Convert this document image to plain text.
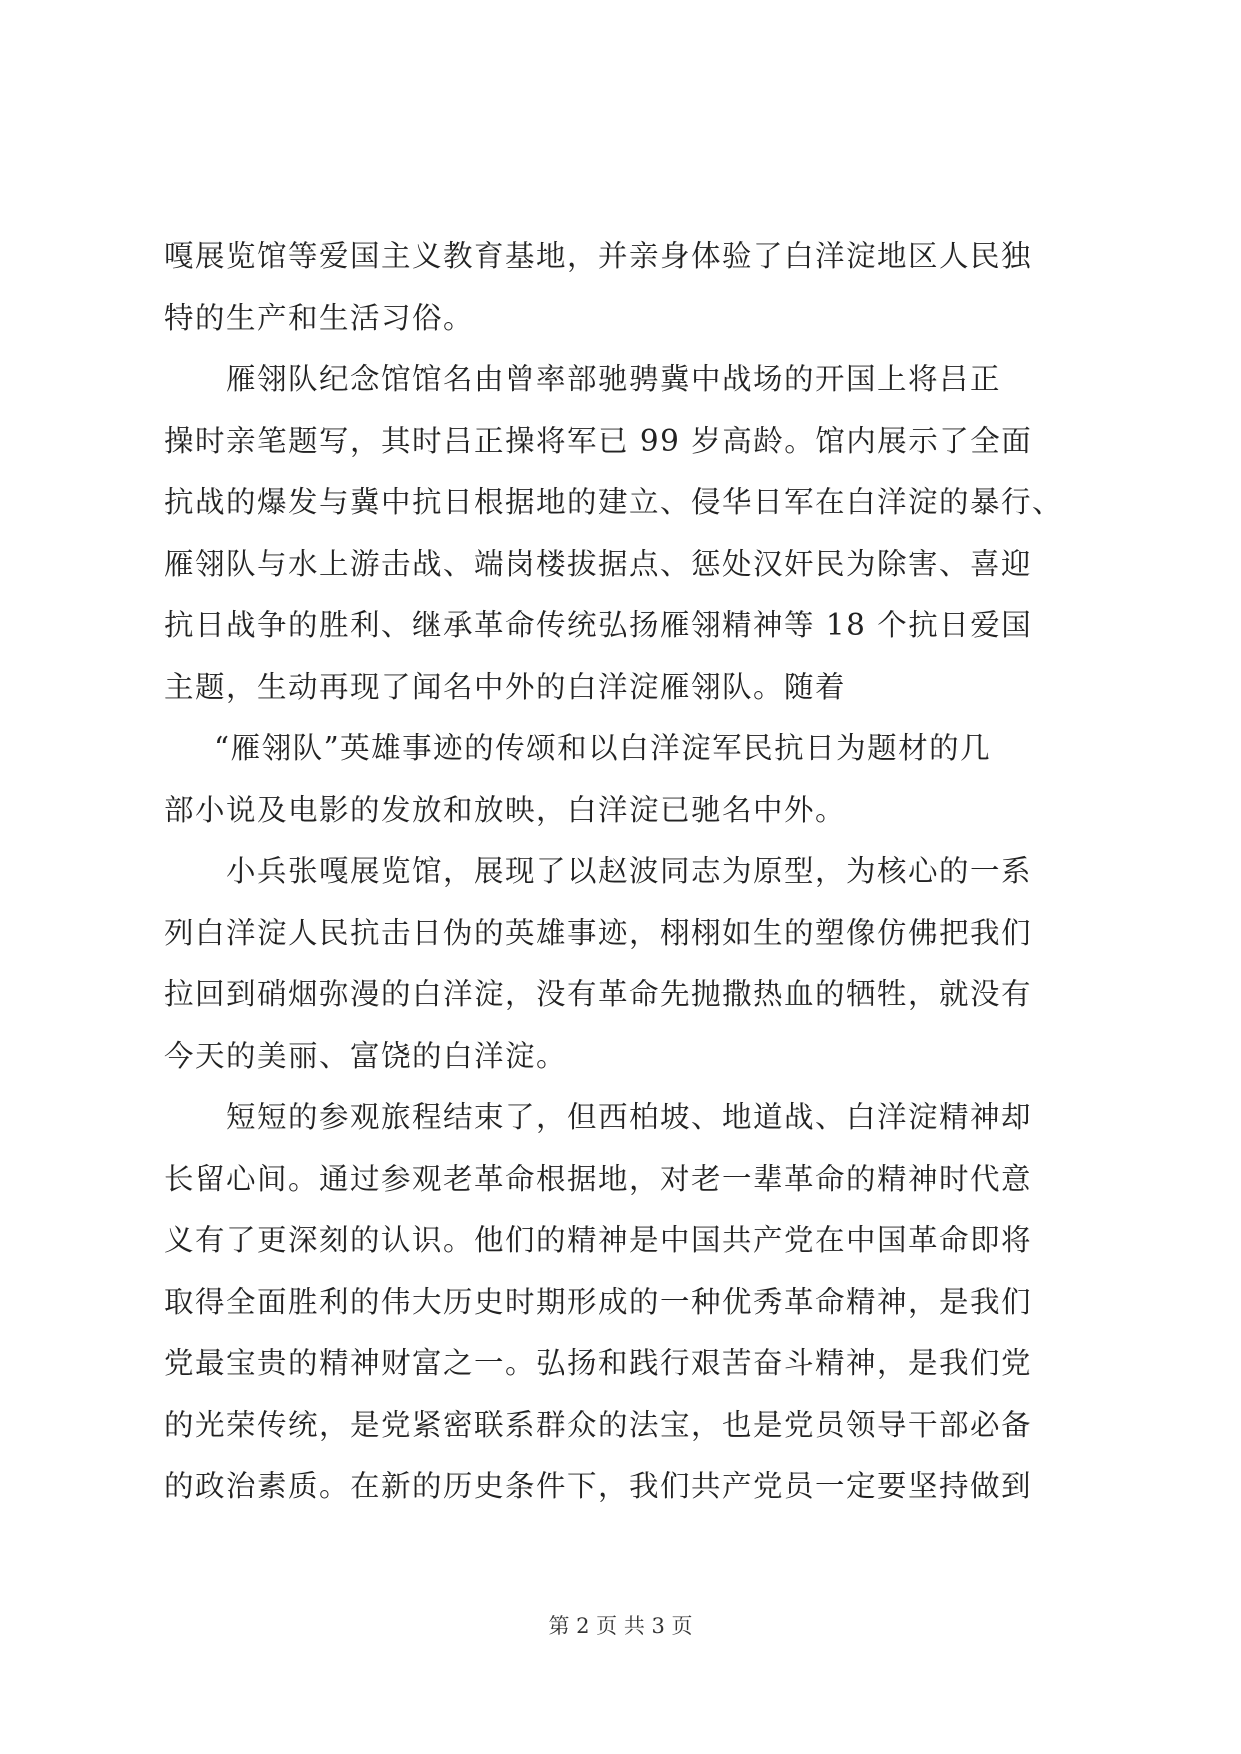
嘎展览馆等爱国主义教育基地，并亲身体验了白洋淀地区人民独
特的生产和生活习俗。
雁翎队纪念馆馆名由曾率部驰骋冀中战场的开国上将吕正
操时亲笔题写，其时吕正操将军已 99 岁高龄。馆内展示了全面
抗战的爆发与冀中抗日根据地的建立、侵华日军在白洋淀的暴行、
雁翎队与水上游击战、端岗楼拔据点、惩处汉奸民为除害、喜迎
抗日战争的胜利、继承革命传统弘扬雁翎精神等 18 个抗日爱国
主题，生动再现了闻名中外的白洋淀雁翎队。随着
“雁翎队”英雄事迹的传颂和以白洋淀军民抗日为题材的几
部小说及电影的发放和放映，白洋淀已驰名中外。
小兵张嘎展览馆，展现了以赵波同志为原型，为核心的一系
列白洋淀人民抗击日伪的英雄事迹，栩栩如生的塑像仿佛把我们
拉回到硝烟弥漫的白洋淀，没有革命先抛撒热血的牺牲，就没有
今天的美丽、富饶的白洋淀。
短短的参观旅程结束了，但西柏坡、地道战、白洋淀精神却
长留心间。通过参观老革命根据地，对老一辈革命的精神时代意
义有了更深刻的认识。他们的精神是中国共产党在中国革命即将
取得全面胜利的伟大历史时期形成的一种优秀革命精神，是我们
党最宝贵的精神财富之一。弘扬和践行艰苦奋斗精神，是我们党
的光荣传统，是党紧密联系群众的法宝，也是党员领导干部必备
的政治素质。在新的历史条件下，我们共产党员一定要坚持做到
第 2 页 共 3 页
